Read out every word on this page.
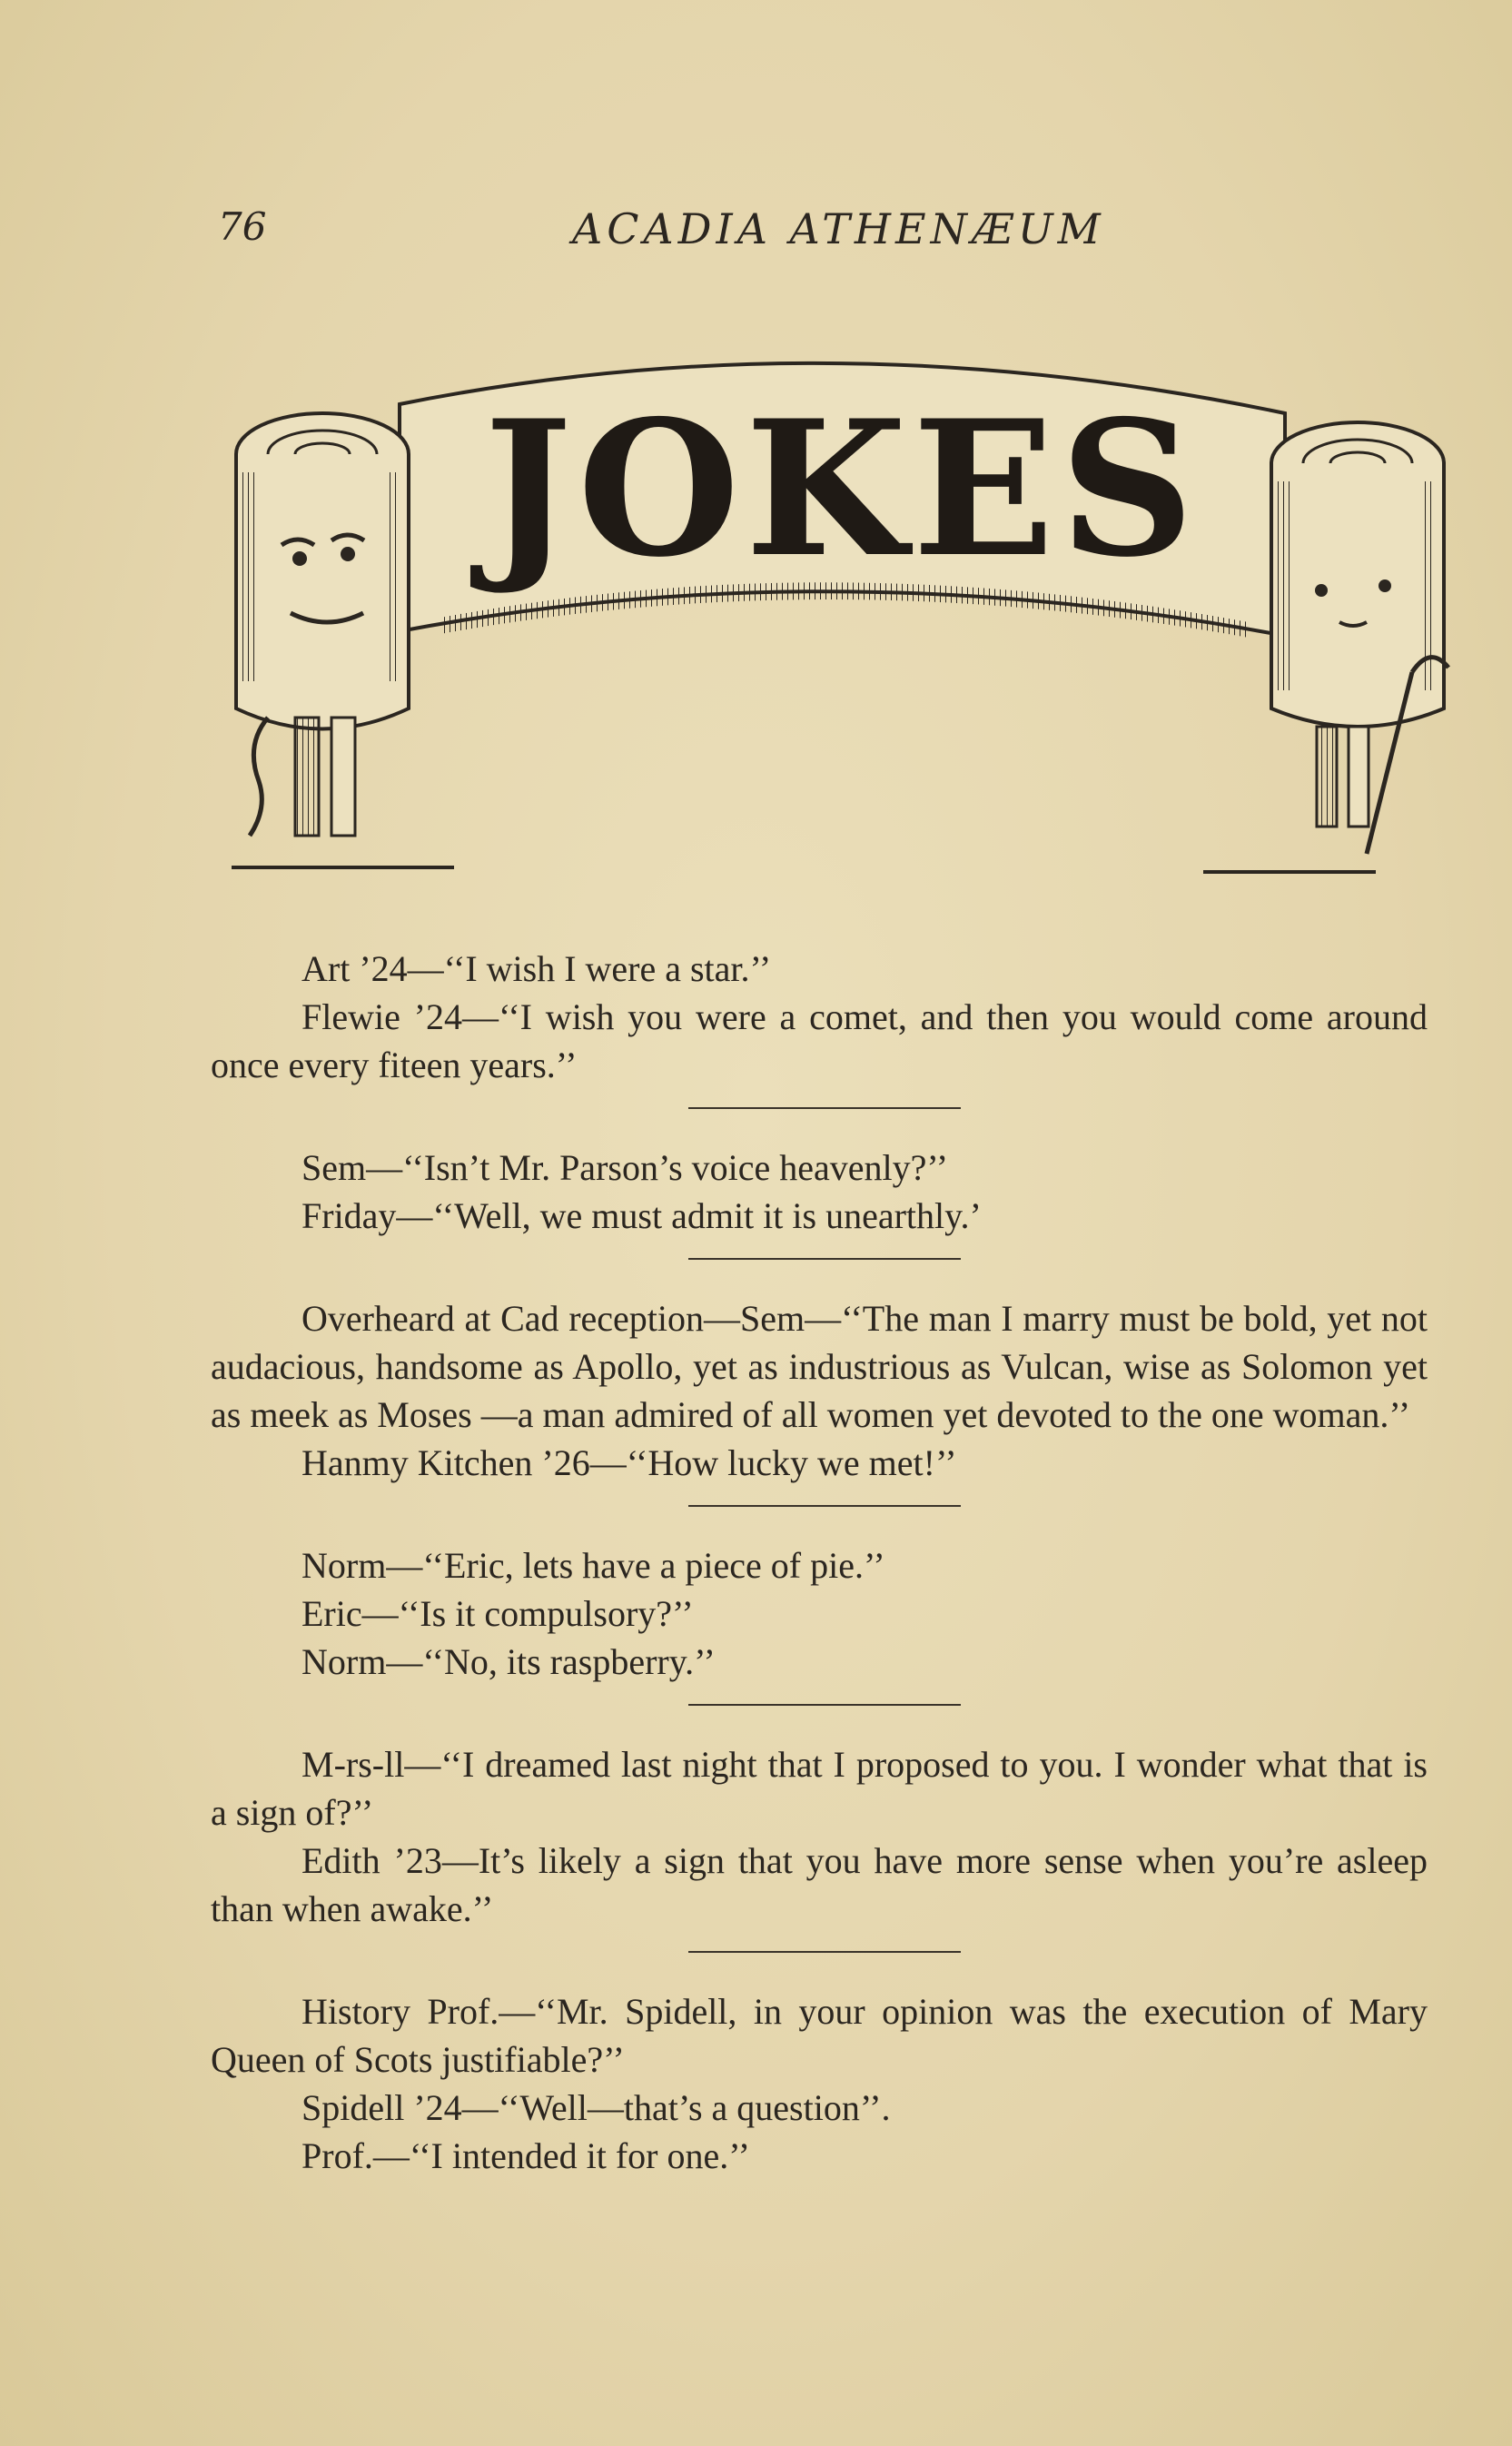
76	ACADIA ATHENÆUM
JOKES

Art ’24—‘‘I wish I were a star.’’

Flewie ’24—‘‘I wish you were a comet, and then you would come around once every fiteen years.’’

Sem—‘‘Isn’t Mr. Parson’s voice heavenly?’’

Friday—‘‘Well, we must admit it is unearthly.’

Overheard at Cad reception—Sem—‘‘The man I marry must be bold, yet not audacious, handsome as Apollo, yet as industrious as Vulcan, wise as Solomon yet as meek as Moses —a man admired of all women yet devoted to the one woman.’’

Hanmy Kitchen ’26—‘‘How lucky we met!’’

Norm—‘‘Eric, lets have a piece of pie.’’

Eric—‘‘Is it compulsory?’’

Norm—‘‘No, its raspberry.’’

M-rs-ll—‘‘I dreamed last night that I proposed to you. I wonder what that is a sign of?’’

Edith ’23—It’s likely a sign that you have more sense when you’re asleep than when awake.’’

History Prof.—‘‘Mr. Spidell, in your opinion was the execution of Mary Queen of Scots justifiable?’’

Spidell ’24—‘‘Well—that’s a question’’.

Prof.—‘‘I intended it for one.’’
